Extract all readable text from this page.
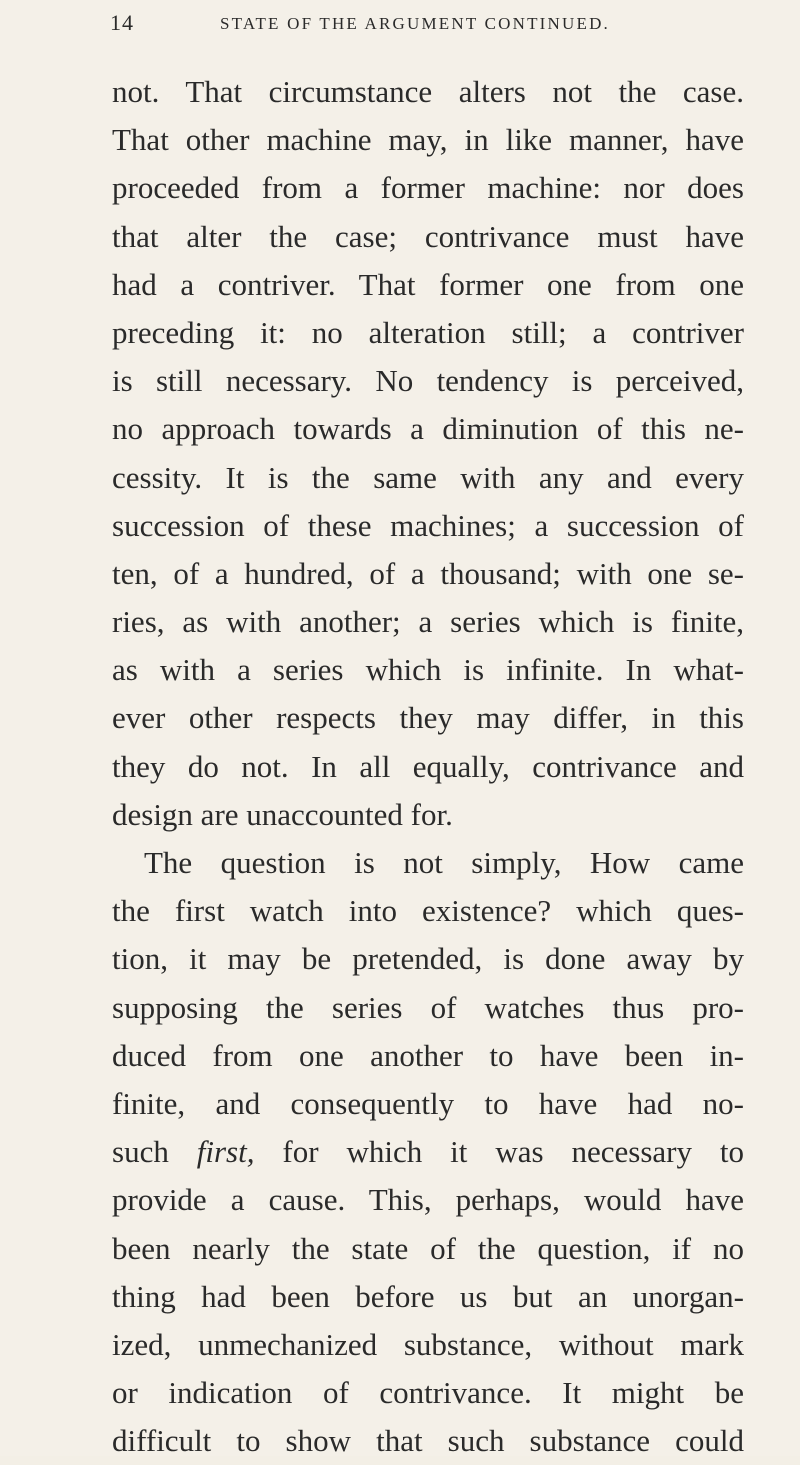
14	STATE OF THE ARGUMENT CONTINUED.
not. That circumstance alters not the case.
That other machine may, in like manner, have
proceeded from a former machine: nor does
that alter the case; contrivance must have
had a contriver. That former one from one
preceding it: no alteration still; a contriver
is still necessary. No tendency is perceived,
no approach towards a diminution of this ne-
cessity. It is the same with any and every
succession of these machines; a succession of
ten, of a hundred, of a thousand; with one se-
ries, as with another; a series which is finite,
as with a series which is infinite. In what-
ever other respects they may differ, in this
they do not. In all equally, contrivance and
design are unaccounted for.
The question is not simply, How came
the first watch into existence? which ques-
tion, it may be pretended, is done away by
supposing the series of watches thus pro-
duced from one another to have been in-
finite, and consequently to have had no-
such first, for which it was necessary to
provide a cause. This, perhaps, would have
been nearly the state of the question, if no
thing had been before us but an unorgan-
ized, unmechanized substance, without mark
or indication of contrivance. It might be
difficult to show that such substance could
